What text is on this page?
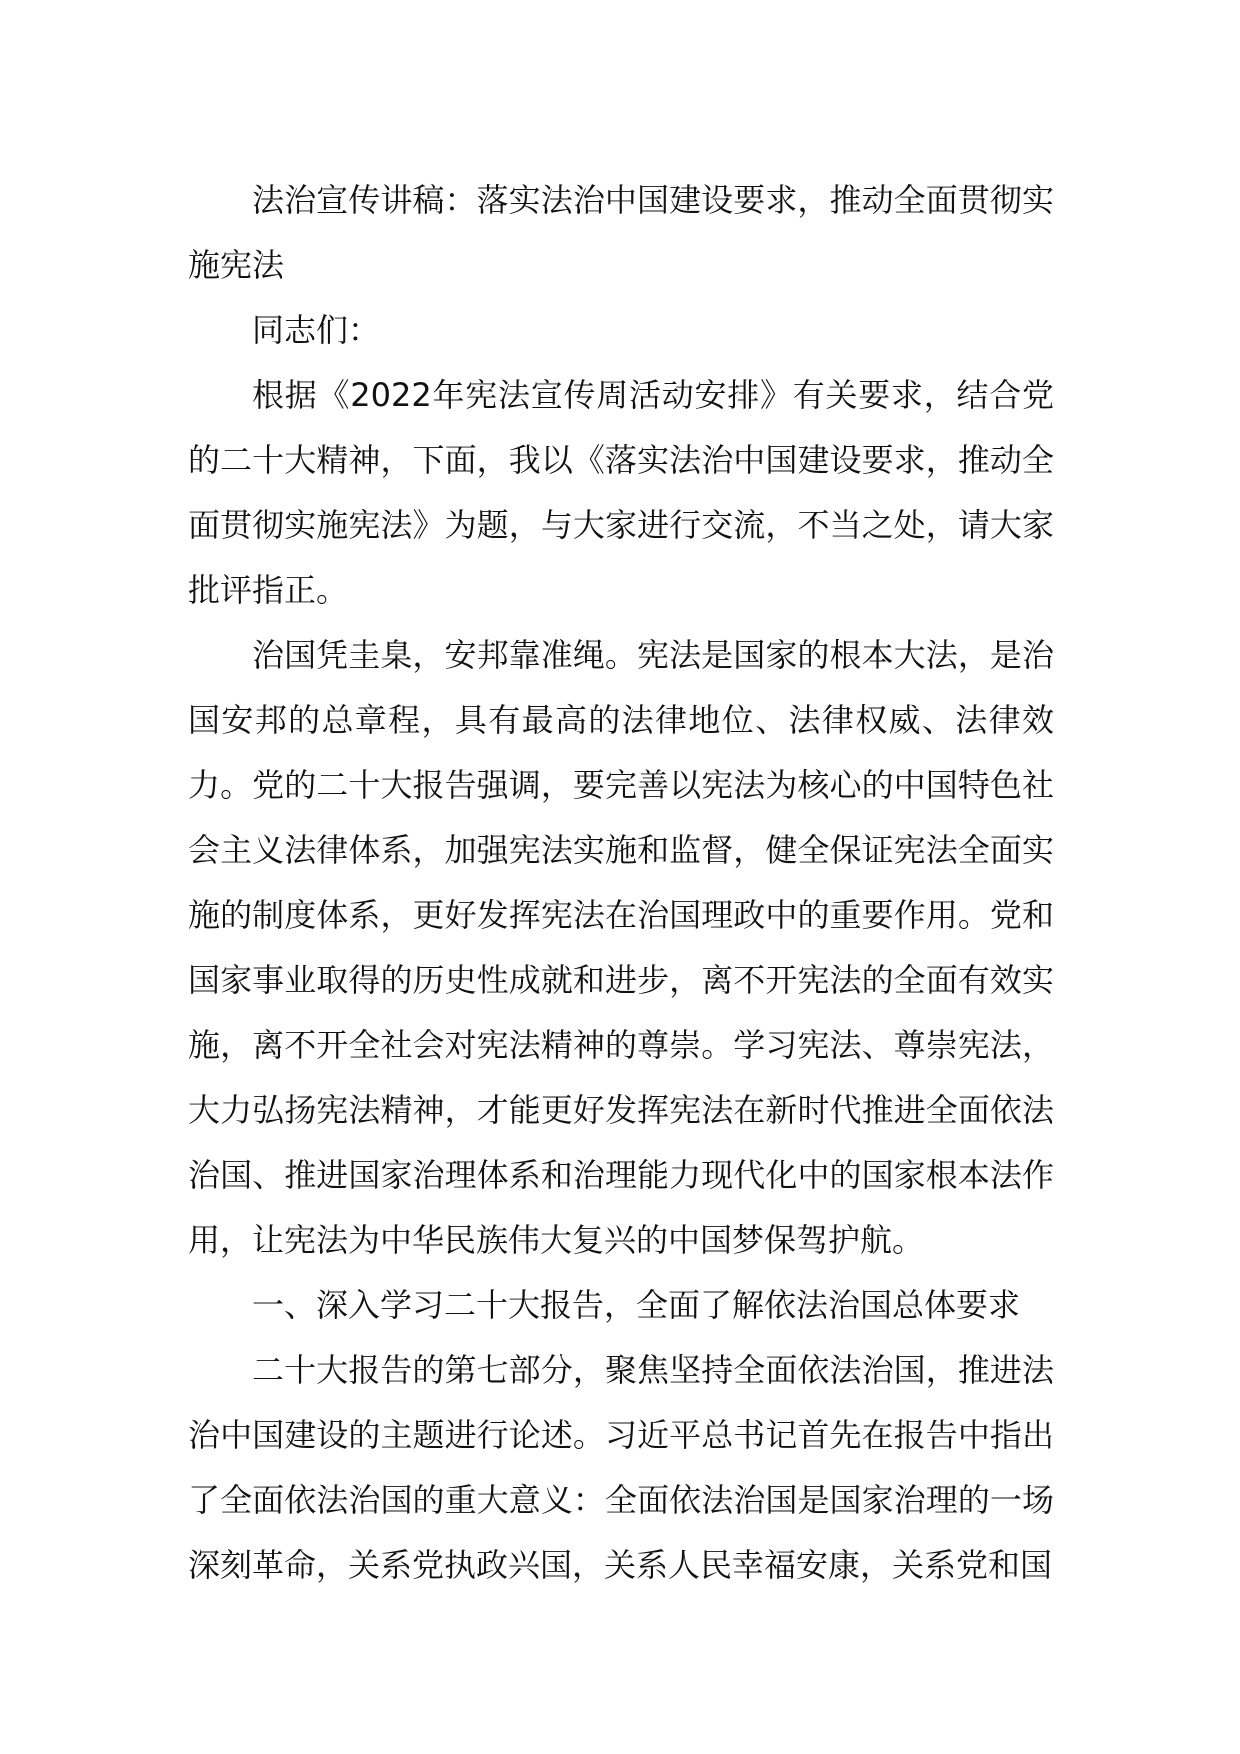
法治宣传讲稿：落实法治中国建设要求，推动全面贯彻实施宪法

同志们：

根据《2022年宪法宣传周活动安排》有关要求，结合党的二十大精神，下面，我以《落实法治中国建设要求，推动全面贯彻实施宪法》为题，与大家进行交流，不当之处，请大家批评指正。

治国凭圭臬，安邦靠准绳。宪法是国家的根本大法，是治国安邦的总章程，具有最高的法律地位、法律权威、法律效力。党的二十大报告强调，要完善以宪法为核心的中国特色社会主义法律体系，加强宪法实施和监督，健全保证宪法全面实施的制度体系，更好发挥宪法在治国理政中的重要作用。党和国家事业取得的历史性成就和进步，离不开宪法的全面有效实施，离不开全社会对宪法精神的尊崇。学习宪法、尊崇宪法，大力弘扬宪法精神，才能更好发挥宪法在新时代推进全面依法治国、推进国家治理体系和治理能力现代化中的国家根本法作用，让宪法为中华民族伟大复兴的中国梦保驾护航。

一、深入学习二十大报告，全面了解依法治国总体要求

二十大报告的第七部分，聚焦坚持全面依法治国，推进法治中国建设的主题进行论述。习近平总书记首先在报告中指出了全面依法治国的重大意义：全面依法治国是国家治理的一场深刻革命，关系党执政兴国，关系人民幸福安康，关系党和国
